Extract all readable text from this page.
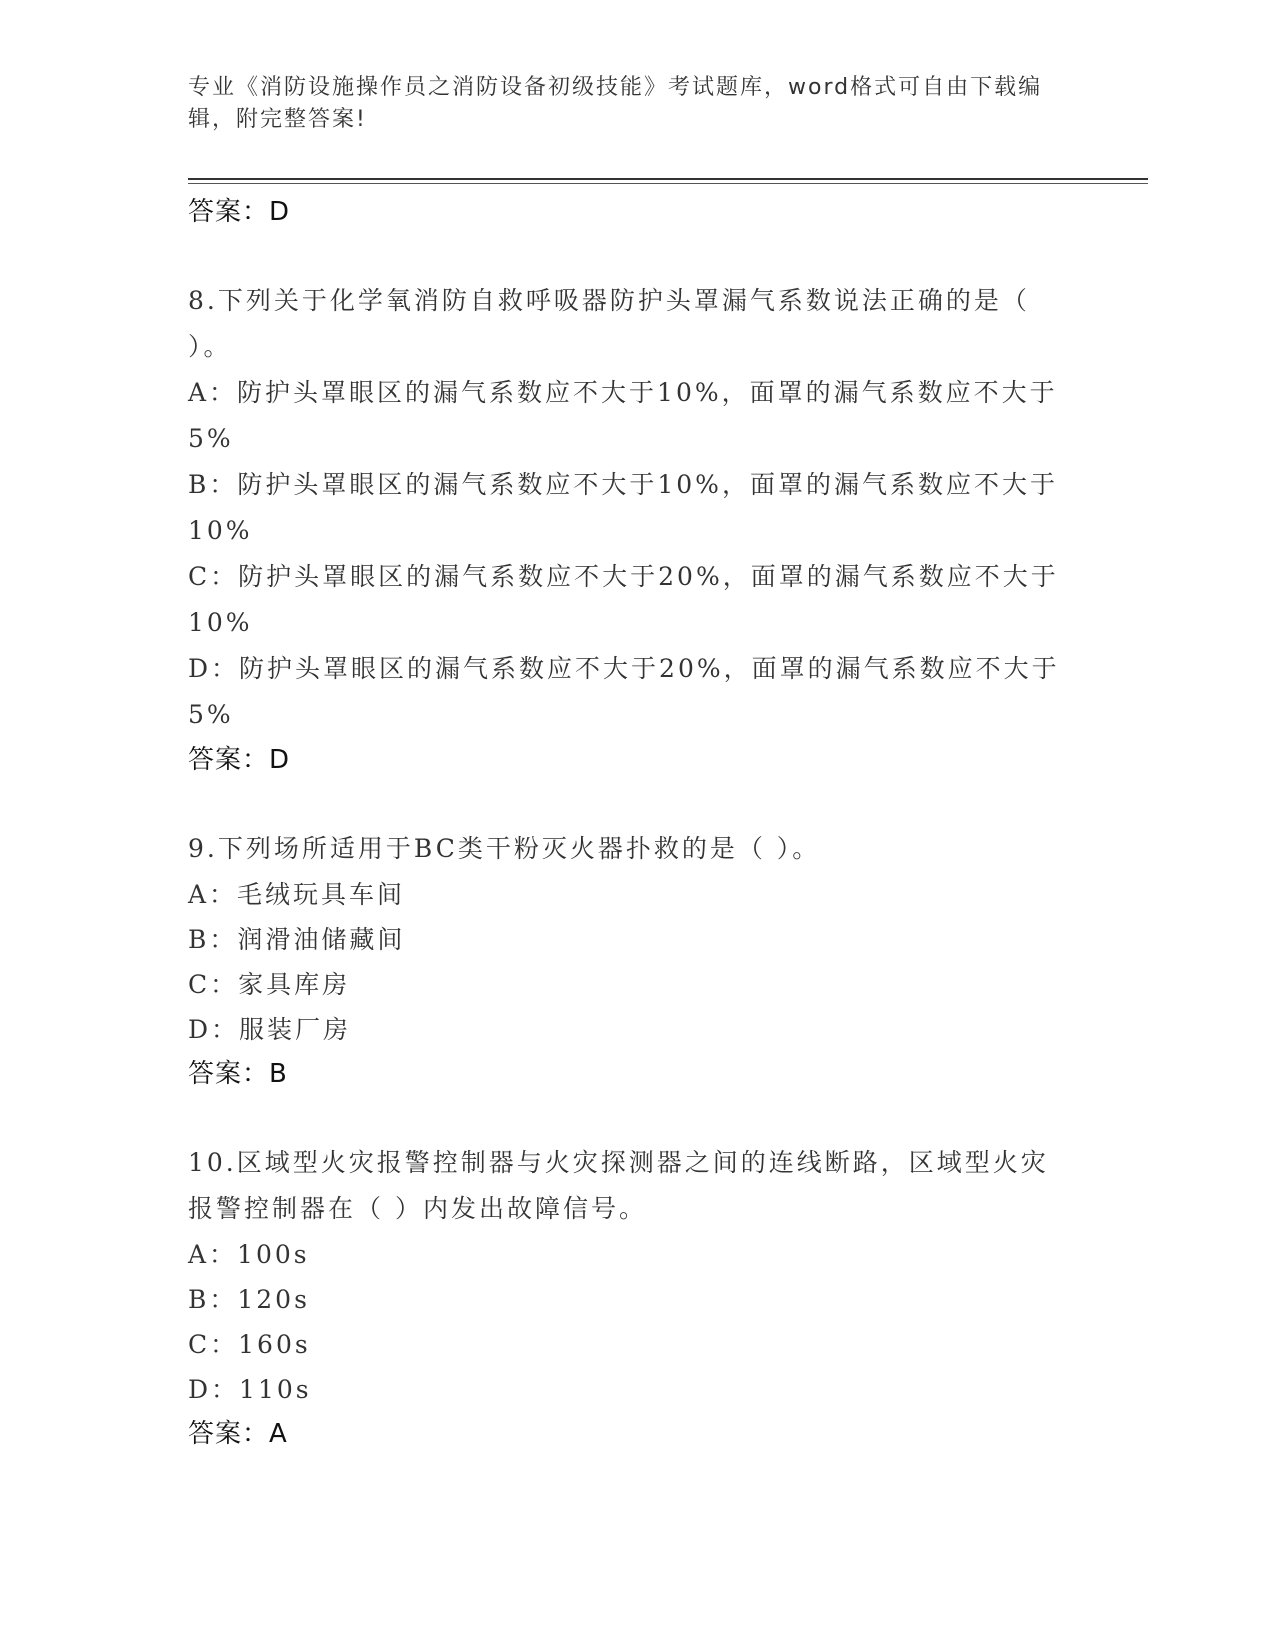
专业《消防设施操作员之消防设备初级技能》考试题库，word格式可自由下载编辑，附完整答案!
答案：D
8.下列关于化学氧消防自救呼吸器防护头罩漏气系数说法正确的是（ ）。
A：防护头罩眼区的漏气系数应不大于10%，面罩的漏气系数应不大于5%
B：防护头罩眼区的漏气系数应不大于10%，面罩的漏气系数应不大于10%
C：防护头罩眼区的漏气系数应不大于20%，面罩的漏气系数应不大于10%
D：防护头罩眼区的漏气系数应不大于20%，面罩的漏气系数应不大于5%
答案：D
9.下列场所适用于BC类干粉灭火器扑救的是（ ）。
A：毛绒玩具车间
B：润滑油储藏间
C：家具库房
D：服装厂房
答案：B
10.区域型火灾报警控制器与火灾探测器之间的连线断路，区域型火灾报警控制器在（ ）内发出故障信号。
A：100s
B：120s
C：160s
D：110s
答案：A
